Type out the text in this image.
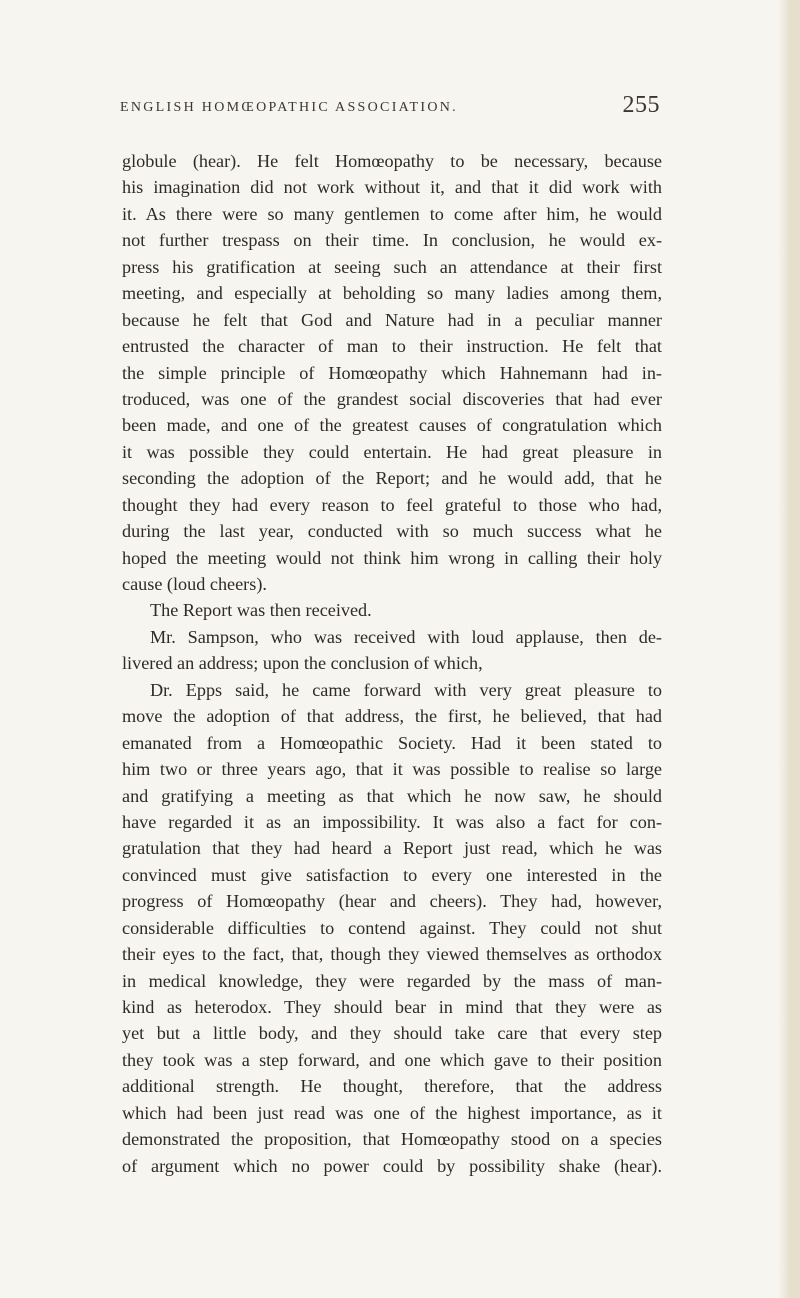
ENGLISH HOMŒOPATHIC ASSOCIATION.	255
globule (hear). He felt Homœopathy to be necessary, because
his imagination did not work without it, and that it did work with
it. As there were so many gentlemen to come after him, he would
not further trespass on their time. In conclusion, he would ex-
press his gratification at seeing such an attendance at their first
meeting, and especially at beholding so many ladies among them,
because he felt that God and Nature had in a peculiar manner
entrusted the character of man to their instruction. He felt that
the simple principle of Homœopathy which Hahnemann had in-
troduced, was one of the grandest social discoveries that had ever
been made, and one of the greatest causes of congratulation which
it was possible they could entertain. He had great pleasure in
seconding the adoption of the Report; and he would add, that he
thought they had every reason to feel grateful to those who had,
during the last year, conducted with so much success what he
hoped the meeting would not think him wrong in calling their holy
cause (loud cheers).
The Report was then received.
Mr. Sampson, who was received with loud applause, then de-
livered an address; upon the conclusion of which,
Dr. Epps said, he came forward with very great pleasure to
move the adoption of that address, the first, he believed, that had
emanated from a Homœopathic Society. Had it been stated to
him two or three years ago, that it was possible to realise so large
and gratifying a meeting as that which he now saw, he should
have regarded it as an impossibility. It was also a fact for con-
gratulation that they had heard a Report just read, which he was
convinced must give satisfaction to every one interested in the
progress of Homœopathy (hear and cheers). They had, however,
considerable difficulties to contend against. They could not shut
their eyes to the fact, that, though they viewed themselves as orthodox
in medical knowledge, they were regarded by the mass of man-
kind as heterodox. They should bear in mind that they were as
yet but a little body, and they should take care that every step
they took was a step forward, and one which gave to their position
additional strength. He thought, therefore, that the address
which had been just read was one of the highest importance, as it
demonstrated the proposition, that Homœopathy stood on a species
of argument which no power could by possibility shake (hear).
